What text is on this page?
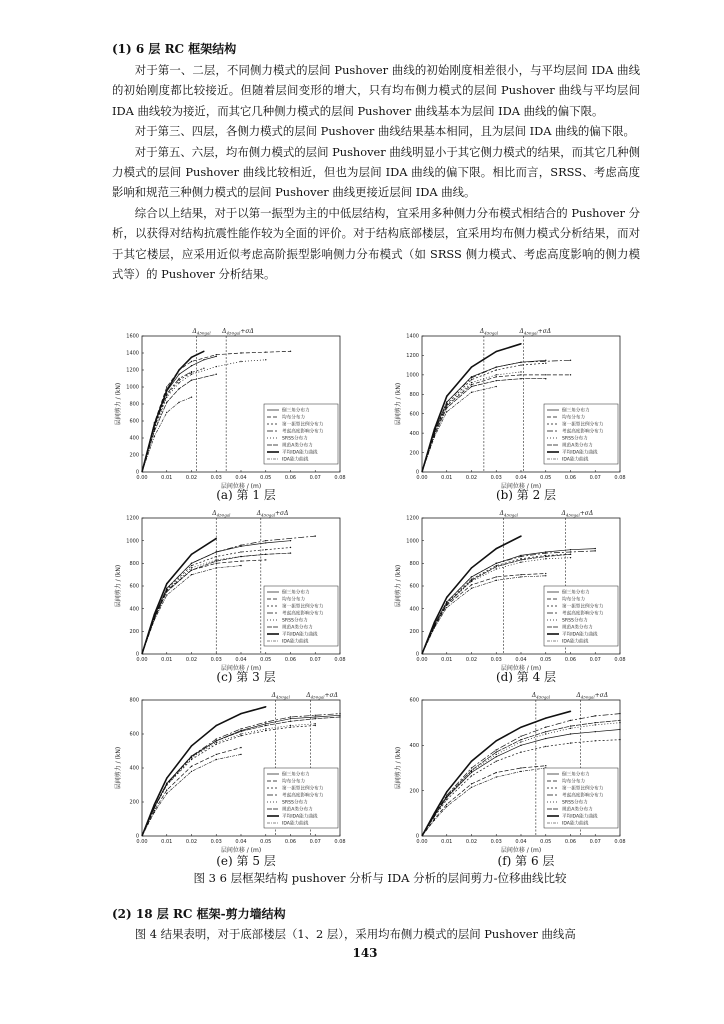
(1) 6 层 RC 框架结构

对于第一、二层，不同侧力模式的层间 Pushover 曲线的初始刚度相差很小，与平均层间 IDA 曲线的初始刚度都比较接近。但随着层间变形的增大，只有均布侧力模式的层间 Pushover 曲线与平均层间 IDA 曲线较为接近，而其它几种侧力模式的层间 Pushover 曲线基本为层间 IDA 曲线的偏下限。

对于第三、四层，各侧力模式的层间 Pushover 曲线结果基本相同，且为层间 IDA 曲线的偏下限。

对于第五、六层，均布侧力模式的层间 Pushover 曲线明显小于其它侧力模式的结果，而其它几种侧力模式的层间 Pushover 曲线比较相近，但也为层间 IDA 曲线的偏下限。相比而言，SRSS、考虑高度影响和规范三种侧力模式的层间 Pushover 曲线更接近层间 IDA 曲线。

综合以上结果，对于以第一振型为主的中低层结构，宜采用多种侧力分布模式相结合的 Pushover 分析，以获得对结构抗震性能作较为全面的评价。对于结构底部楼层，宜采用均布侧力模式分析结果，而对于其它楼层，应采用近似考虑高阶振型影响侧力分布模式（如 SRSS 侧力模式、考虑高度影响的侧力模式等）的 Pushover 分析结果。

0.00	0.01	0.02	0.03	0.04	0.05	0.06	0.07	0.08
0
200
400
600
800
1000
1200
1400
1600
层间位移 / (m)
层间剪力 / (kN)
$\Delta_{450gal}$ $\Delta_{450gal}+\sigma\Delta$
倒三角分布力
均布分布力
第一振型比例分布力
考虑高度影响分布力
SRSS分布力
规范A类分布力
平均IDA能力曲线
IDA能力曲线
0.00	0.01	0.02	0.03	0.04	0.05	0.06	0.07	0.08
0
200
400
600
800
1000
1200
1400
层间位移 / (m)
层间剪力 / (kN)
$\Delta_{450gal}$	$\Delta_{450gal}+\sigma\Delta$
倒三角分布力
均布分布力
第一振型比例分布力
考虑高度影响分布力
SRSS分布力
规范A类分布力
平均IDA能力曲线
IDA能力曲线
0.00	0.01	0.02	0.03	0.04	0.05	0.06	0.07	0.08
0
200
400
600
800
1000
1200
层间位移 / (m)
层间剪力 / (kN)
$\Delta_{450gal}$	$\Delta_{450gal}+\sigma\Delta$
倒三角分布力
均布分布力
第一振型比例分布力
考虑高度影响分布力
SRSS分布力
规范A类分布力
平均IDA能力曲线
IDA能力曲线
0.00	0.01	0.02	0.03	0.04	0.05	0.06	0.07	0.08
0
200
400
600
800
1000
1200
层间位移 / (m)
层间剪力 / (kN)
$\Delta_{450gal}$	$\Delta_{450gal}+\sigma\Delta$
倒三角分布力
均布分布力
第一振型比例分布力
考虑高度影响分布力
SRSS分布力
规范A类分布力
平均IDA能力曲线
IDA能力曲线
0.00	0.01	0.02	0.03	0.04	0.05	0.06	0.07	0.08
0
200
400
600
800
层间位移 / (m)
层间剪力 / (kN)
$\Delta_{450gal}$	$\Delta_{450gal}+\sigma\Delta$
倒三角分布力
均布分布力
第一振型比例分布力
考虑高度影响分布力
SRSS分布力
规范A类分布力
平均IDA能力曲线
IDA能力曲线
0.00	0.01	0.02	0.03	0.04	0.05	0.06	0.07	0.08
0
200
400
600
层间位移 / (m)
层间剪力 / (kN)
$\Delta_{450gal}$	$\Delta_{450gal}+\sigma\Delta$
倒三角分布力
均布分布力
第一振型比例分布力
考虑高度影响分布力
SRSS分布力
规范A类分布力
平均IDA能力曲线
IDA能力曲线
(a) 第 1 层	(b) 第 2 层
(c) 第 3 层	(d) 第 4 层
(e) 第 5 层	(f) 第 6 层
图 3 6 层框架结构 pushover 分析与 IDA 分析的层间剪力-位移曲线比较
(2) 18 层 RC 框架-剪力墙结构

图 4 结果表明，对于底部楼层（1、2 层），采用均布侧力模式的层间 Pushover 曲线高

143
